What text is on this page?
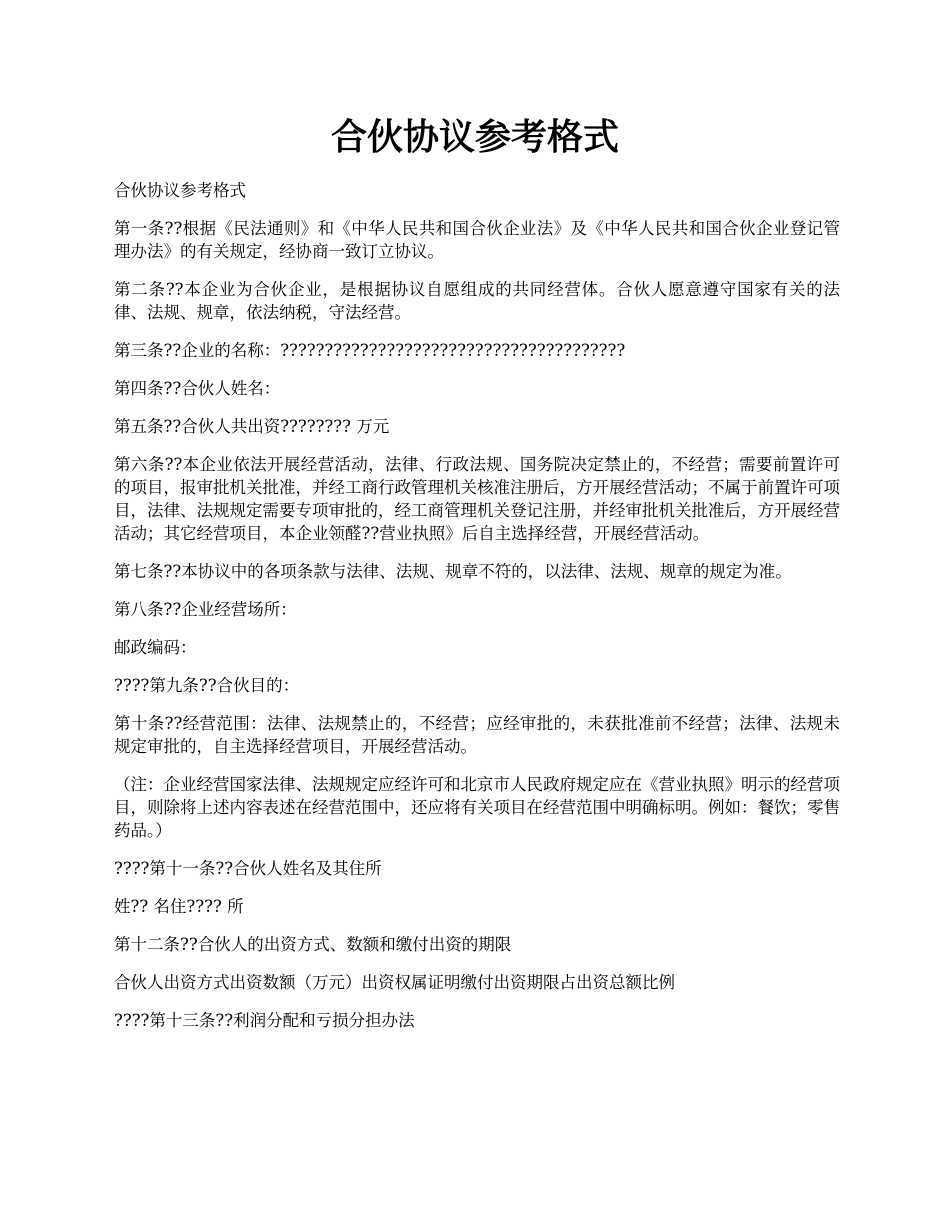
合伙协议参考格式

合伙协议参考格式

第一条??根据《民法通则》和《中华人民共和国合伙企业法》及《中华人民共和国合伙企业登记管理办法》的有关规定，经协商一致订立协议。

第二条??本企业为合伙企业，是根据协议自愿组成的共同经营体。合伙人愿意遵守国家有关的法律、法规、规章，依法纳税，守法经营。

第三条??企业的名称：???????????????????????????????????????

第四条??合伙人姓名：

第五条??合伙人共出资???????? 万元

第六条??本企业依法开展经营活动，法律、行政法规、国务院决定禁止的，不经营；需要前置许可的项目，报审批机关批准，并经工商行政管理机关核准注册后，方开展经营活动；不属于前置许可项目，法律、法规规定需要专项审批的，经工商管理机关登记注册，并经审批机关批准后，方开展经营活动；其它经营项目，本企业领醛??营业执照》后自主选择经营，开展经营活动。

第七条??本协议中的各项条款与法律、法规、规章不符的，以法律、法规、规章的规定为准。

第八条??企业经营场所：

邮政编码：

????第九条??合伙目的：

第十条??经营范围：法律、法规禁止的，不经营；应经审批的，未获批准前不经营；法律、法规未规定审批的，自主选择经营项目，开展经营活动。

（注：企业经营国家法律、法规规定应经许可和北京市人民政府规定应在《营业执照》明示的经营项目，则除将上述内容表述在经营范围中，还应将有关项目在经营范围中明确标明。例如：餐饮；零售药品。）

????第十一条??合伙人姓名及其住所

姓?? 名住???? 所

第十二条??合伙人的出资方式、数额和缴付出资的期限

合伙人出资方式出资数额（万元）出资权属证明缴付出资期限占出资总额比例

????第十三条??利润分配和亏损分担办法
